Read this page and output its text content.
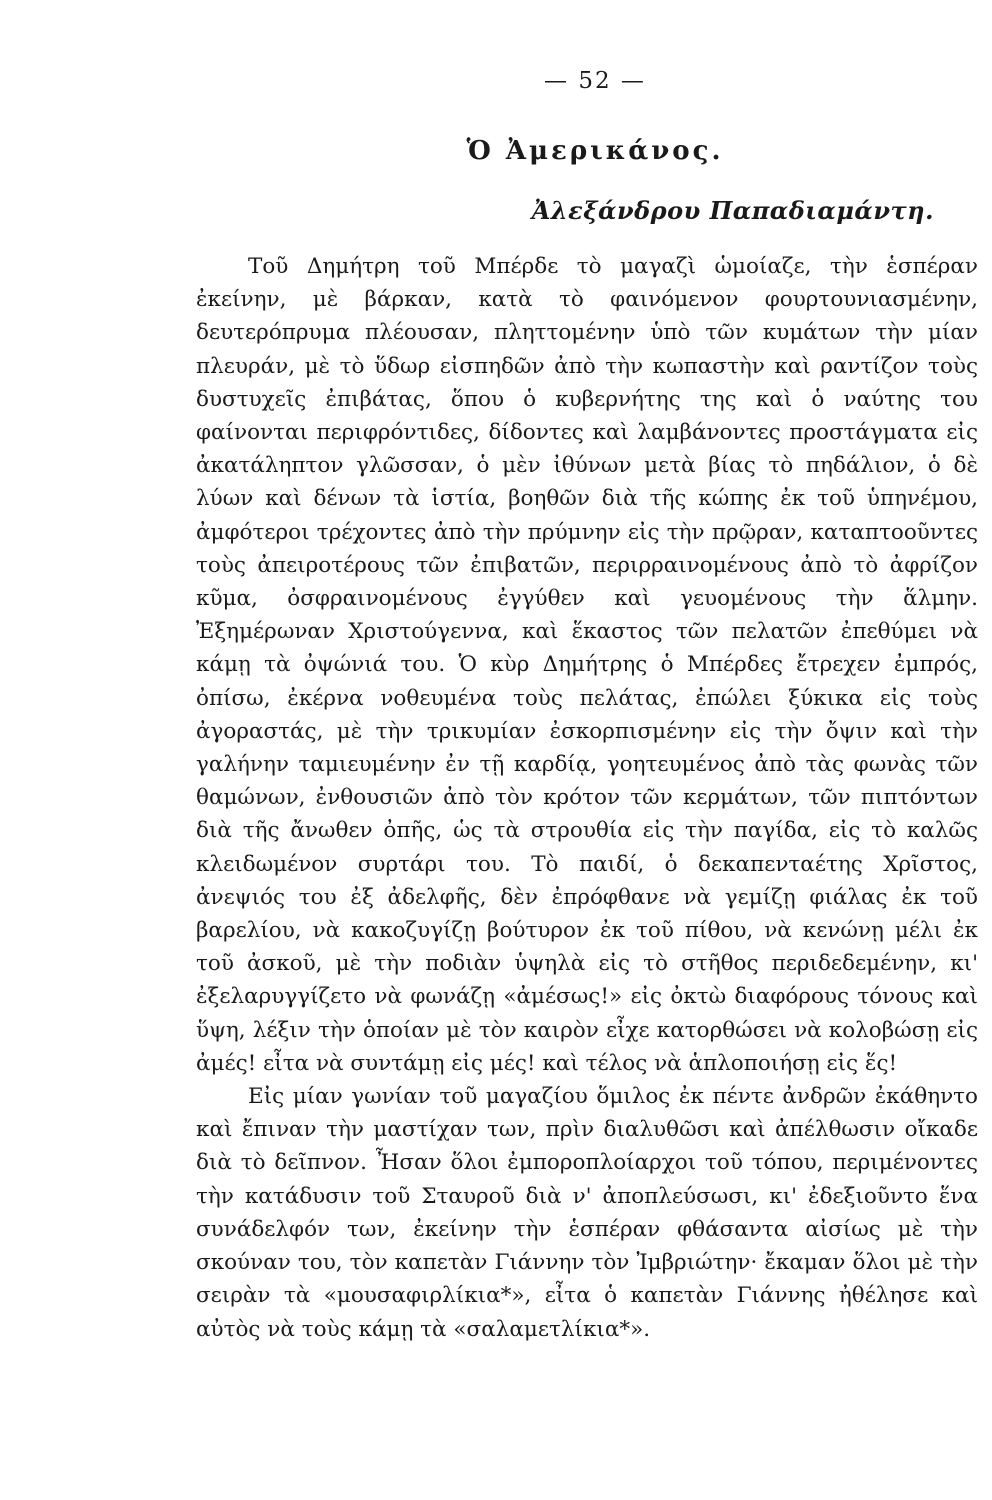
— 52 —
Ὁ Ἀμερικάνος.
Ἀλεξάνδρου Παπαδιαμάντη.

Τοῦ Δημήτρη τοῦ Μπέρδε τὸ μαγαζὶ ὡμοίαζε, τὴν ἑσπέραν ἐκείνην, μὲ βάρκαν, κατὰ τὸ φαινόμενον φουρτουνιασμένην, δευτερόπρυμα πλέουσαν, πληττομένην ὑπὸ τῶν κυμάτων τὴν μίαν πλευράν, μὲ τὸ ὕδωρ εἰσπηδῶν ἀπὸ τὴν κωπαστὴν καὶ ραντίζον τοὺς δυστυχεῖς ἐπιβάτας, ὅπου ὁ κυβερνήτης της καὶ ὁ ναύτης του φαίνονται περιφρόντιδες, δίδοντες καὶ λαμβάνοντες προστάγματα εἰς ἀκατάληπτον γλῶσσαν, ὁ μὲν ἰθύνων μετὰ βίας τὸ πηδάλιον, ὁ δὲ λύων καὶ δένων τὰ ἱστία, βοηθῶν διὰ τῆς κώπης ἐκ τοῦ ὑπηνέμου, ἀμφότεροι τρέχοντες ἀπὸ τὴν πρύμνην εἰς τὴν πρῷραν, καταπτοοῦντες τοὺς ἀπειροτέρους τῶν ἐπιβατῶν, περιρραινομένους ἀπὸ τὸ ἀφρίζον κῦμα, ὀσφραινομένους ἐγγύθεν καὶ γευομένους τὴν ἅλμην. Ἐξημέρωναν Χριστούγεννα, καὶ ἕκαστος τῶν πελατῶν ἐπεθύμει νὰ κάμῃ τὰ ὀψώνιά του. Ὁ κὺρ Δημήτρης ὁ Μπέρδες ἔτρεχεν ἐμπρός, ὀπίσω, ἐκέρνα νοθευμένα τοὺς πελάτας, ἐπώλει ξύκικα εἰς τοὺς ἀγοραστάς, μὲ τὴν τρικυμίαν ἐσκορπισμένην εἰς τὴν ὄψιν καὶ τὴν γαλήνην ταμιευμένην ἐν τῇ καρδίᾳ, γοητευμένος ἀπὸ τὰς φωνὰς τῶν θαμώνων, ἐνθουσιῶν ἀπὸ τὸν κρότον τῶν κερμάτων, τῶν πιπτόντων διὰ τῆς ἄνωθεν ὀπῆς, ὡς τὰ στρουθία εἰς τὴν παγίδα, εἰς τὸ καλῶς κλειδωμένον συρτάρι του. Τὸ παιδί, ὁ δεκαπενταέτης Χρῖστος, ἀνεψιός του ἐξ ἀδελφῆς, δὲν ἐπρόφθανε νὰ γεμίζῃ φιάλας ἐκ τοῦ βαρελίου, νὰ κακοζυγίζῃ βούτυρον ἐκ τοῦ πίθου, νὰ κενώνῃ μέλι ἐκ τοῦ ἀσκοῦ, μὲ τὴν ποδιὰν ὑψηλὰ εἰς τὸ στῆθος περιδεδεμένην, κι' ἐξελαρυγγίζετο νὰ φωνάζῃ «ἀμέσως!» εἰς ὀκτὼ διαφόρους τόνους καὶ ὕψη, λέξιν τὴν ὁποίαν μὲ τὸν καιρὸν εἶχε κατορθώσει νὰ κολοβώσῃ εἰς ἀμές! εἶτα νὰ συντάμῃ εἰς μές! καὶ τέλος νὰ ἁπλοποιήσῃ εἰς ἕς!

Εἰς μίαν γωνίαν τοῦ μαγαζίου ὅμιλος ἐκ πέντε ἀνδρῶν ἐκάθηντο καὶ ἔπιναν τὴν μαστίχαν των, πρὶν διαλυθῶσι καὶ ἀπέλθωσιν οἴκαδε διὰ τὸ δεῖπνον. Ἦσαν ὅλοι ἐμποροπλοίαρχοι τοῦ τόπου, περιμένοντες τὴν κατάδυσιν τοῦ Σταυροῦ διὰ ν' ἀποπλεύσωσι, κι' ἐδεξιοῦντο ἕνα συνάδελφόν των, ἐκείνην τὴν ἑσπέραν φθάσαντα αἰσίως μὲ τὴν σκούναν του, τὸν καπετὰν Γιάννην τὸν Ἰμβριώτην· ἔκαμαν ὅλοι μὲ τὴν σειρὰν τὰ «μουσαφιρλίκια*», εἶτα ὁ καπετὰν Γιάννης ἠθέλησε καὶ αὐτὸς νὰ τοὺς κάμῃ τὰ «σαλαμετλίκια*».
